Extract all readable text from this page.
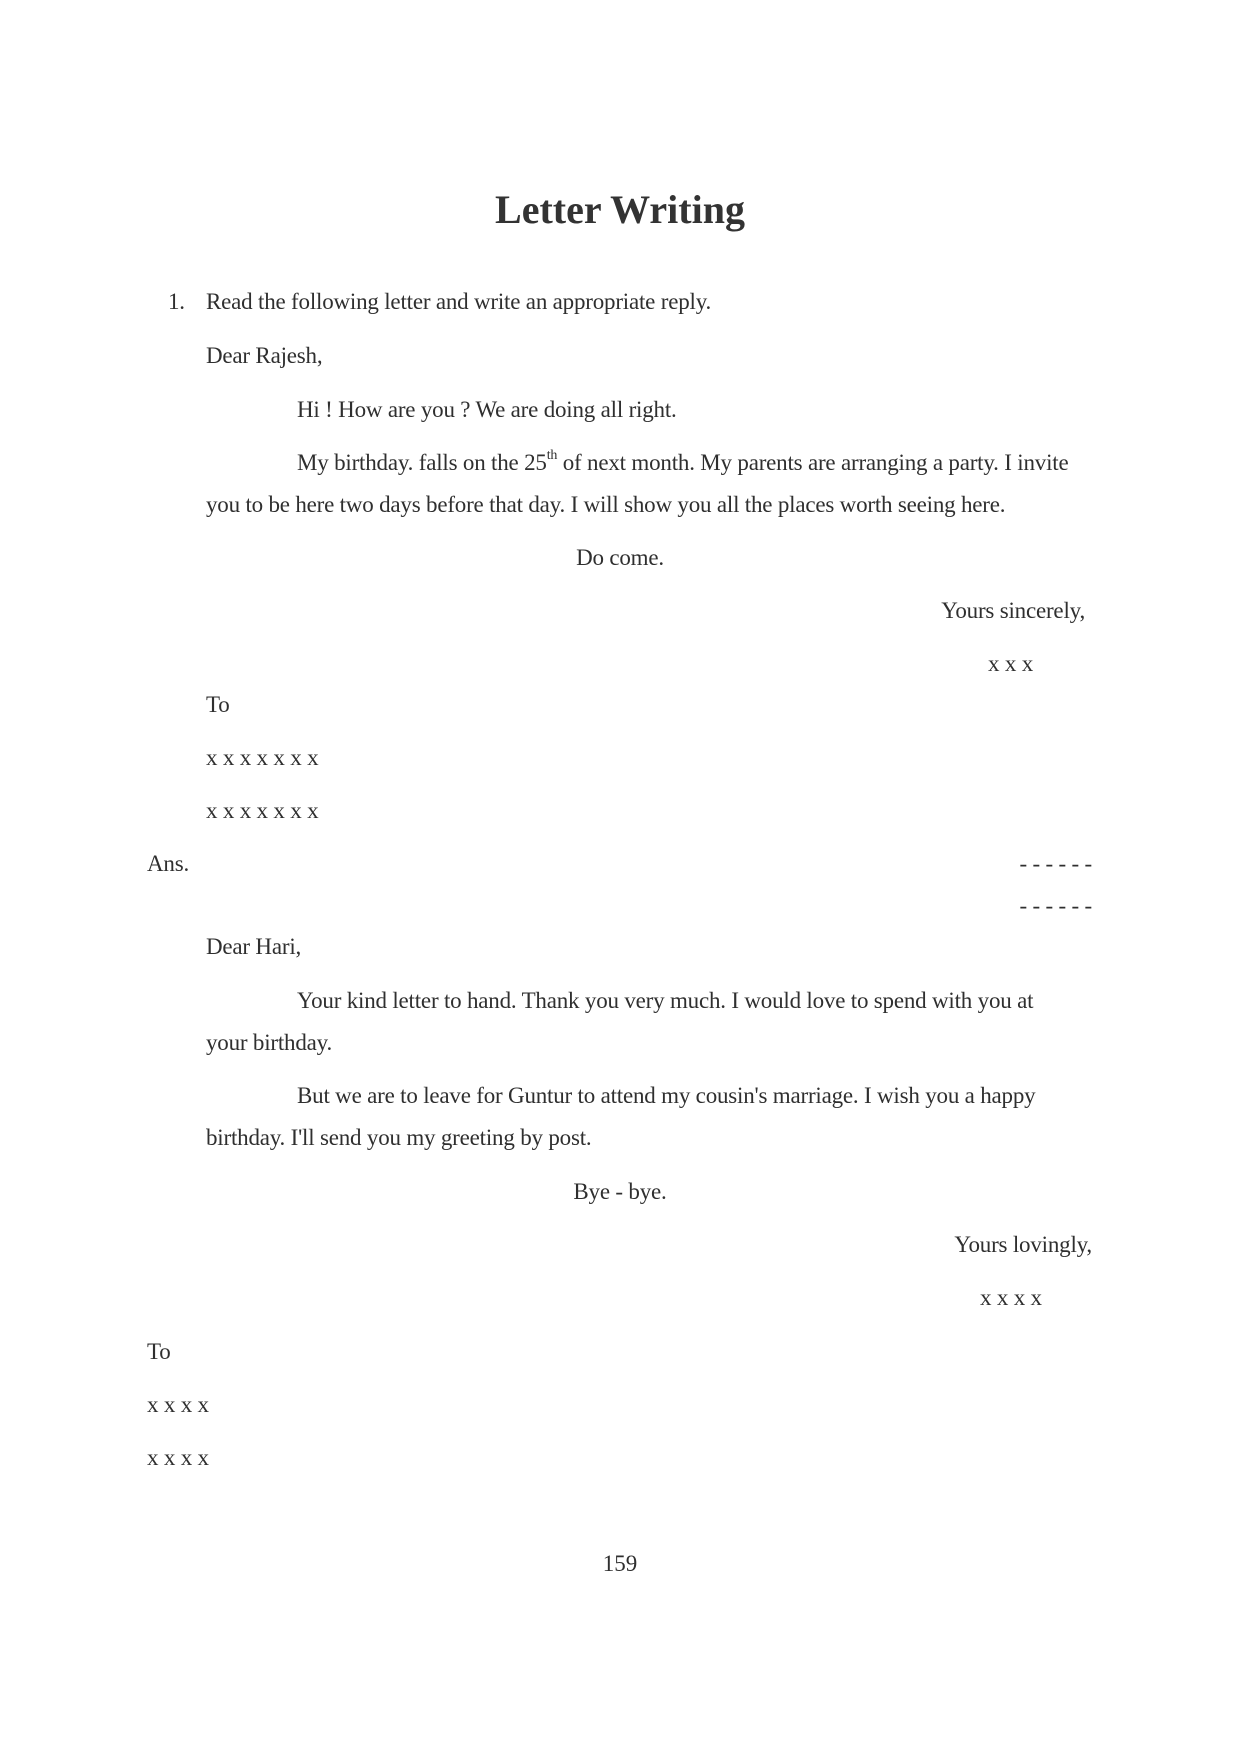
Letter Writing
1. Read the following letter and write an appropriate reply.
Dear Rajesh,
Hi ! How are you ? We are doing all right.
My birthday. falls on the 25th of next month. My parents are arranging a party. I invite
you to be here two days before that day. I will show you all the places worth seeing here.
Do come.
Yours sincerely,
x x x
To
x x x x x x x
x x x x x x x
Ans.	- - - - - -
- - - - - -
Dear Hari,
Your kind letter to hand. Thank you very much. I would love to spend with you at
your birthday.
But we are to leave for Guntur to attend my cousin's marriage. I wish you a happy
birthday. I'll send you my greeting by post.
Bye - bye.
Yours lovingly,
x x x x
To
x x x x
x x x x
159
